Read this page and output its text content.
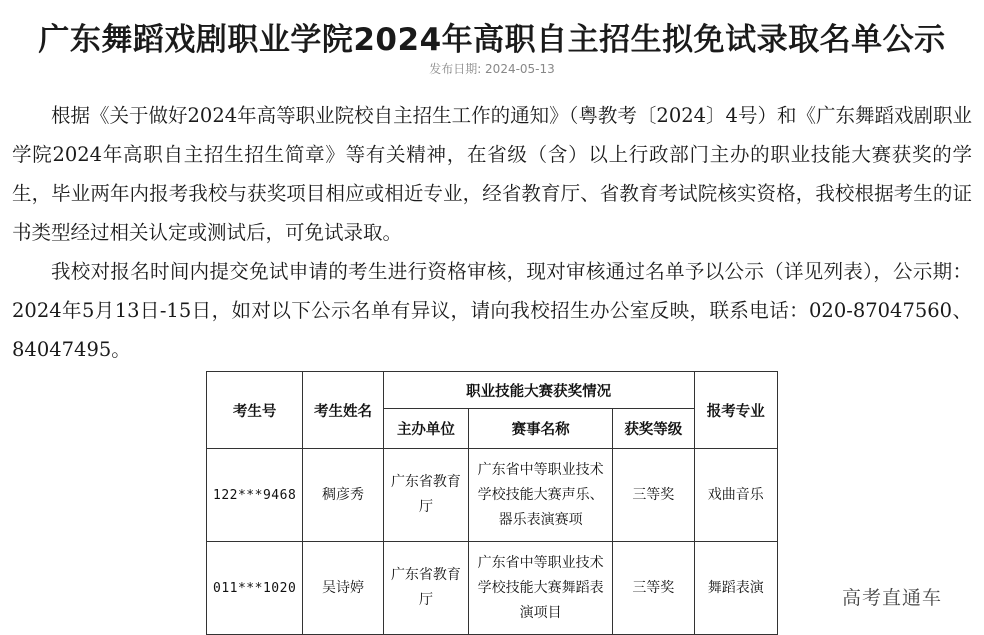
广东舞蹈戏剧职业学院2024年高职自主招生拟免试录取名单公示
发布日期: 2024-05-13

根据《关于做好2024年高等职业院校自主招生工作的通知》（粤教考〔2024〕4号）和《广东舞蹈戏剧职业学院2024年高职自主招生招生简章》等有关精神，在省级（含）以上行政部门主办的职业技能大赛获奖的学生，毕业两年内报考我校与获奖项目相应或相近专业，经省教育厅、省教育考试院核实资格，我校根据考生的证书类型经过相关认定或测试后，可免试录取。

我校对报名时间内提交免试申请的考生进行资格审核，现对审核通过名单予以公示（详见列表），公示期：2024年5月13日-15日，如对以下公示名单有异议，请向我校招生办公室反映，联系电话：020-87047560、84047495。

考生号	考生姓名	职业技能大赛获奖情况			报考专业
		主办单位	赛事名称	获奖等级	
122***9468	稠彦秀	广东省教育厅	广东省中等职业技术学校技能大赛声乐、器乐表演赛项	三等奖	戏曲音乐
011***1020	吴诗婷	广东省教育厅	广东省中等职业技术学校技能大赛舞蹈表演项目	三等奖	舞蹈表演	高考直通车
